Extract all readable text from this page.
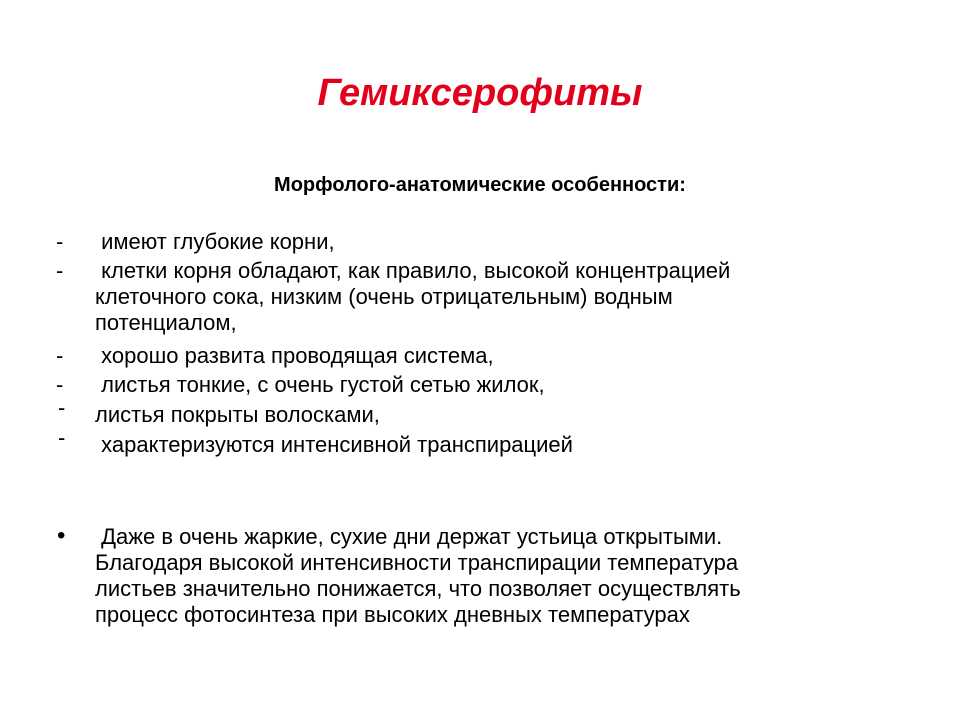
Гемиксерофиты

Морфолого-анатомические особенности:

-	имеют глубокие корни,
-	клетки корня обладают, как правило, высокой концентрацией
клеточного сока, низким (очень отрицательным) водным
потенциалом,
-	хорошо развита проводящая система,
-	листья тонкие, с очень густой сетью жилок,
-	листья покрыты волосками,
-	характеризуются интенсивной транспирацией
•	Даже в очень жаркие, сухие дни держат устьица открытыми.
Благодаря высокой интенсивности транспирации температура
листьев значительно понижается, что позволяет осуществлять
процесс фотосинтеза при высоких дневных температурах
